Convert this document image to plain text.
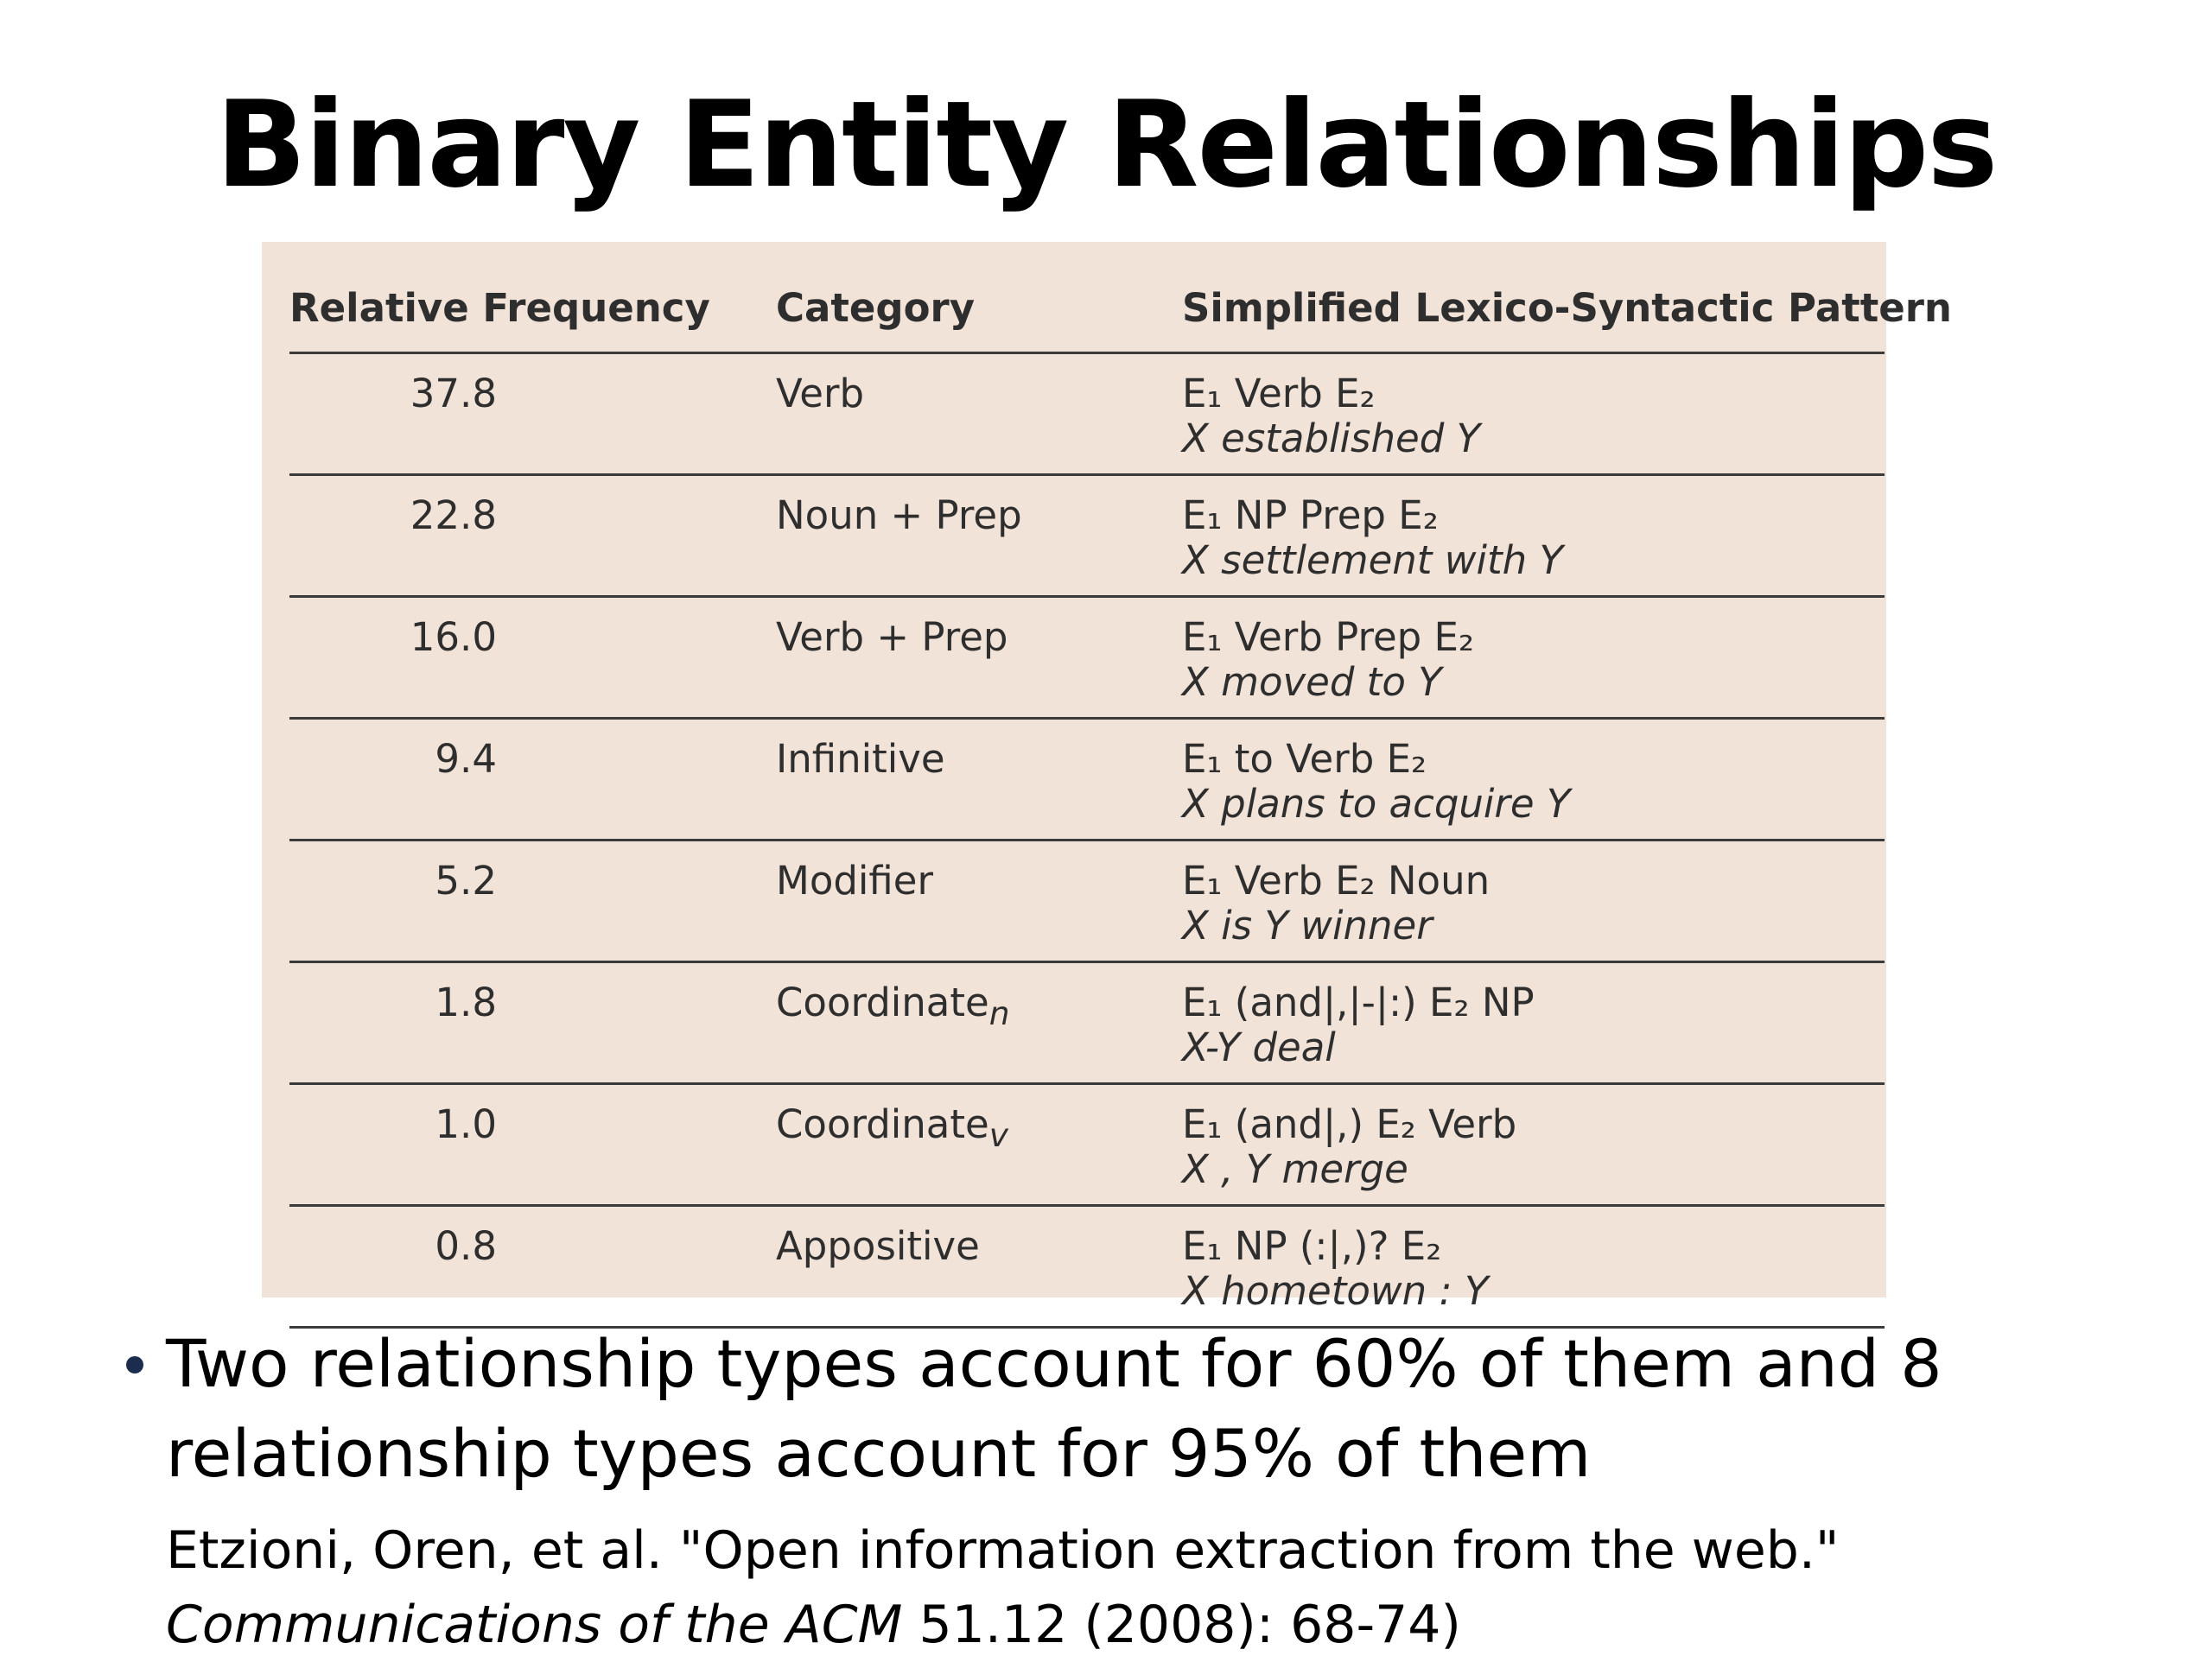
Binary Entity Relationships
Relative Frequency	Category	Simplified Lexico-Syntactic Pattern

37.8	Verb	E₁ Verb E₂
X established Y

22.8	Noun + Prep	E₁ NP Prep E₂
X settlement with Y

16.0	Verb + Prep	E₁ Verb Prep E₂
X moved to Y

9.4	Infinitive	E₁ to Verb E₂
X plans to acquire Y

5.2	Modifier	E₁ Verb E₂ Noun
X is Y winner

1.8	Coordinate$_n$	E₁ (and|,|-|:) E₂ NP
X-Y deal

1.0	Coordinate$_v$	E₁ (and|,) E₂ Verb
X , Y merge

0.8	Appositive	E₁ NP (:|,)? E₂
X hometown : Y
Two relationship types account for 60% of them and 8 relationship types account for 95% of them
Etzioni, Oren, et al. "Open information extraction from the web."
Communications of the ACM 51.12 (2008): 68-74)
